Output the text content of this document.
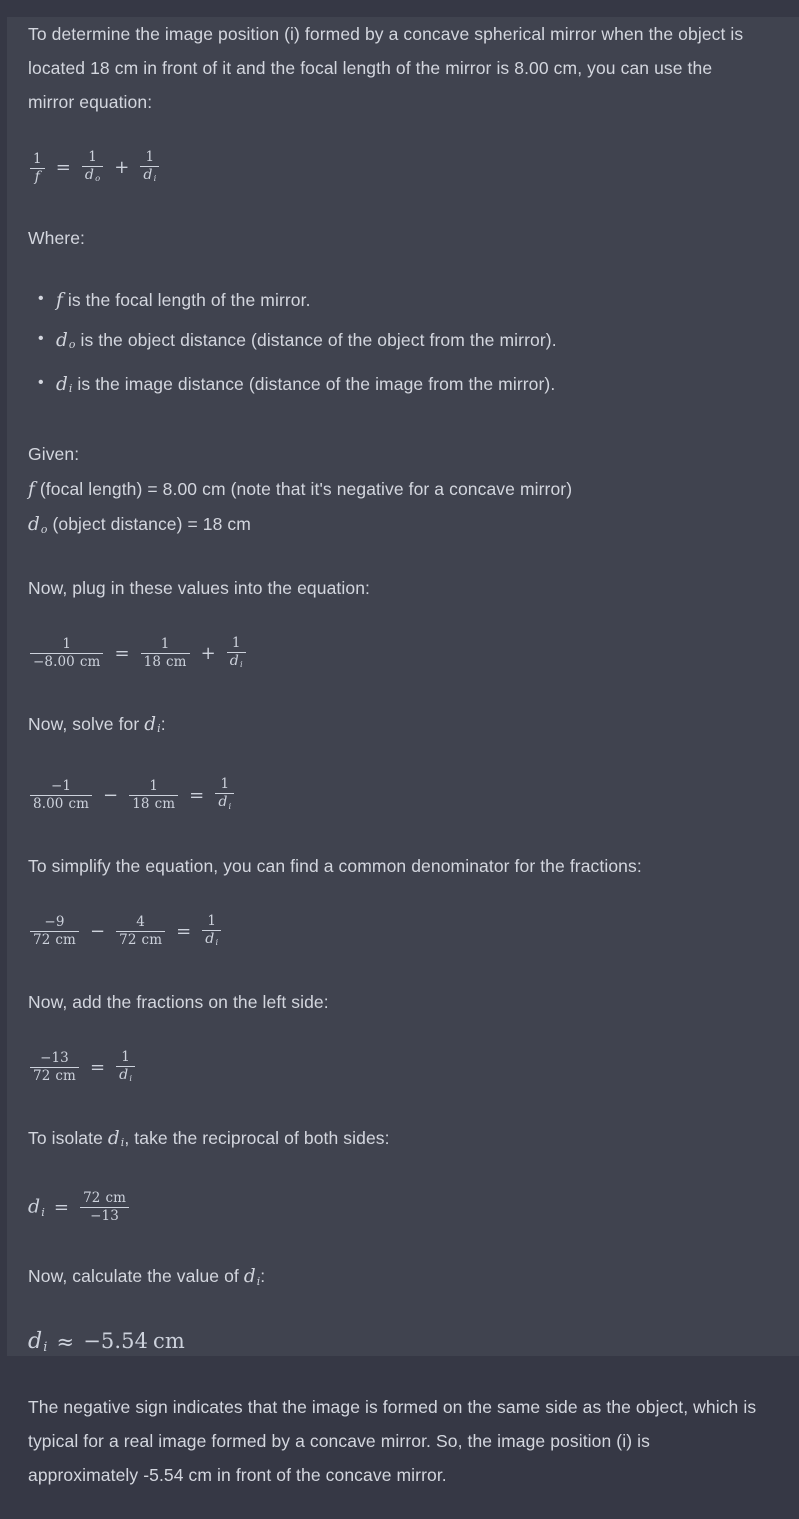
To determine the image position (i) formed by a concave spherical mirror when the object is located 18 cm in front of it and the focal length of the mirror is 8.00 cm, you can use the mirror equation:

$\frac{1}{f} = \frac{1}{do} + \frac{1}{di}$

Where:

• f is the focal length of the mirror.
• do is the object distance (distance of the object from the mirror).
• di is the image distance (distance of the image from the mirror).

Given:
f (focal length) = 8.00 cm (note that it's negative for a concave mirror)
do (object distance) = 18 cm

Now, plug in these values into the equation:

$\frac{1}{-8.00 cm} = \frac{1}{18 cm} + \frac{1}{di}$

Now, solve for di:

$\frac{-1}{8.00 cm} - \frac{1}{18 cm} = \frac{1}{di}$

To simplify the equation, you can find a common denominator for the fractions:

$\frac{-9}{72 cm} - \frac{4}{72 cm} = \frac{1}{di}$

Now, add the fractions on the left side:

$\frac{-13}{72 cm} = \frac{1}{di}$

To isolate di, take the reciprocal of both sides:

di = $\frac{72 cm}{-13}$

Now, calculate the value of di:

di ≈ −5.54 cm

The negative sign indicates that the image is formed on the same side as the object, which is typical for a real image formed by a concave mirror. So, the image position (i) is approximately -5.54 cm in front of the concave mirror.
